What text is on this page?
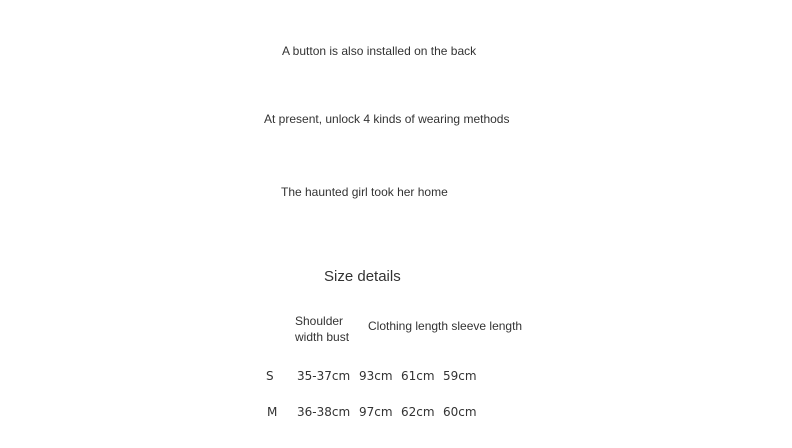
A button is also installed on the back
At present, unlock 4 kinds of wearing methods
The haunted girl took her home
Size details
Shoulder width bust
Clothing length sleeve length
S 35-37cm 93cm 61cm 59cm
M 36-38cm 97cm 62cm 60cm
